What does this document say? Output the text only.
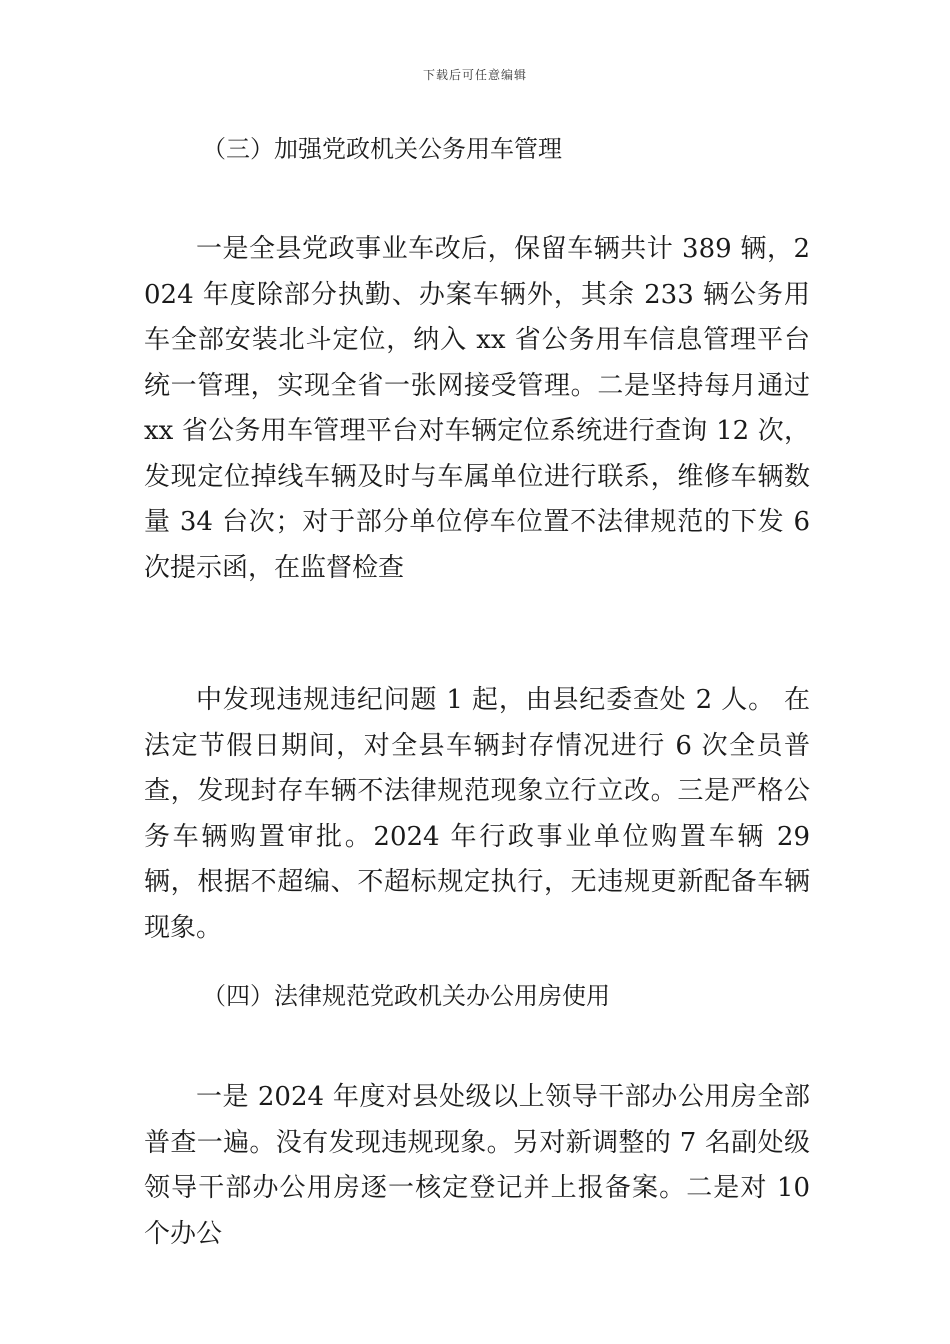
下载后可任意编辑
（三）加强党政机关公务用车管理

一是全县党政事业车改后，保留车辆共计 389 辆，2024 年度除部分执勤、办案车辆外，其余 233 辆公务用车全部安装北斗定位，纳入 xx 省公务用车信息管理平台统一管理，实现全省一张网接受管理。二是坚持每月通过 xx 省公务用车管理平台对车辆定位系统进行查询 12 次，发现定位掉线车辆及时与车属单位进行联系，维修车辆数量 34 台次；对于部分单位停车位置不法律规范的下发 6 次提示函，在监督检查

中发现违规违纪问题 1 起，由县纪委查处 2 人。 在法定节假日期间，对全县车辆封存情况进行 6 次全员普查，发现封存车辆不法律规范现象立行立改。三是严格公务车辆购置审批。2024 年行政事业单位购置车辆 29 辆，根据不超编、不超标规定执行，无违规更新配备车辆现象。

（四）法律规范党政机关办公用房使用

一是 2024 年度对县处级以上领导干部办公用房全部普查一遍。没有发现违规现象。另对新调整的 7 名副处级领导干部办公用房逐一核定登记并上报备案。二是对 10 个办公
